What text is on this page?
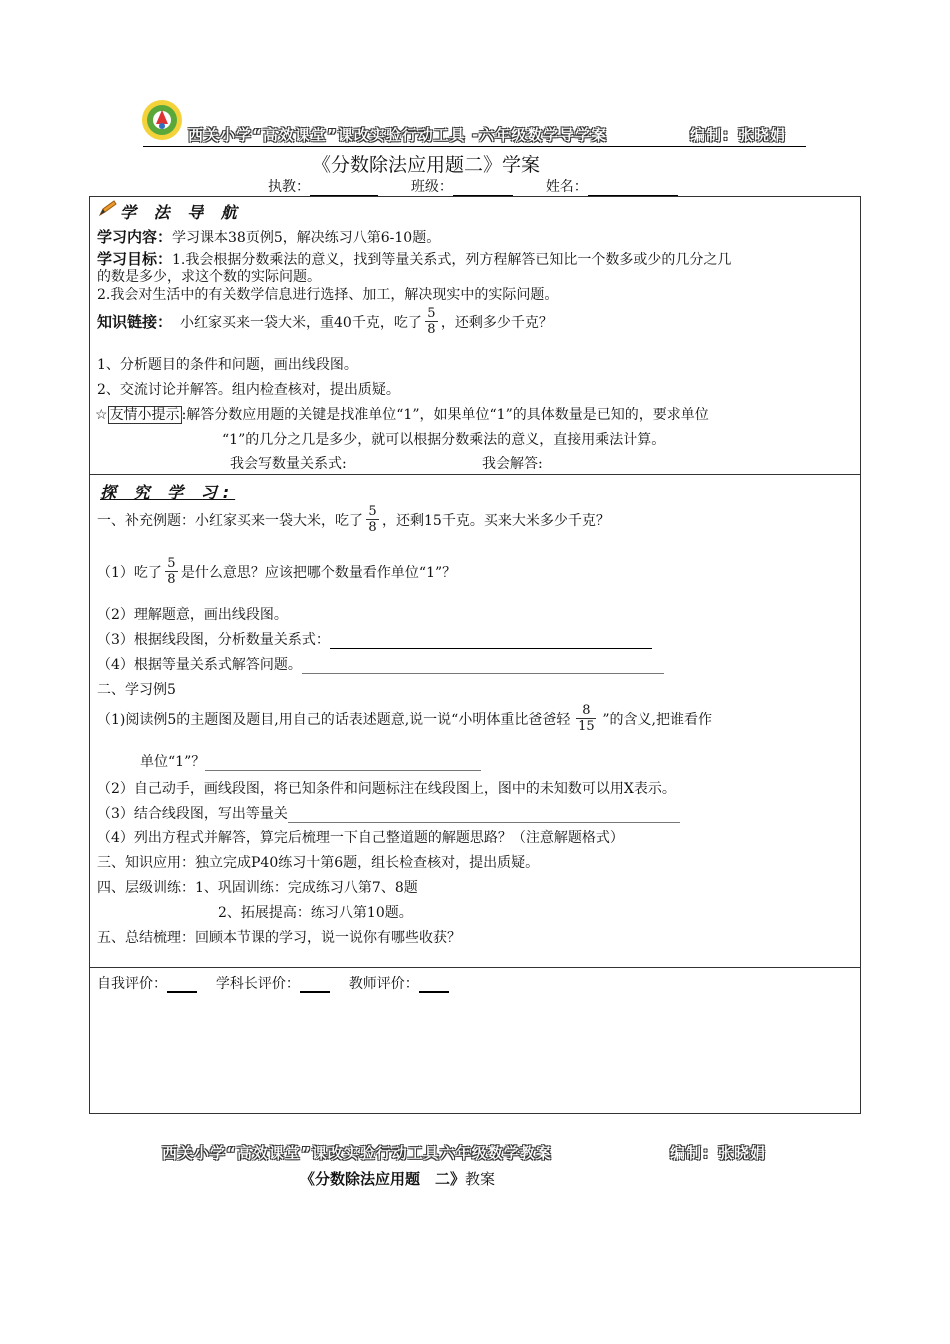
西关小学“高效课堂”课改实验行动工具 -六年级数学导学案	编制：张晓娟
《分数除法应用题二》学案
执教：	班级：	姓名：
学 法 导 航
学习内容：学习课本38页例5，解决练习八第6-10题。
学习目标：1.我会根据分数乘法的意义，找到等量关系式，列方程解答已知比一个数多或少的几分之几
的数是多少，求这个数的实际问题。
2.我会对生活中的有关数学信息进行选择、加工，解决现实中的实际问题。
知识链接： 小红家买来一袋大米，重40千克，吃了 $\frac{5}{8}$ ，还剩多少千克？
1、分析题目的条件和问题，画出线段图。
2、交流讨论并解答。组内检查核对，提出质疑。
☆ 友情小提示 :解答分数应用题的关键是找准单位“1”，如果单位“1”的具体数量是已知的，要求单位
“1”的几分之几是多少，就可以根据分数乘法的意义，直接用乘法计算。
我会写数量关系式:	我会解答:
探 究 学 习:
一、补充例题：小红家买来一袋大米，吃了 $\frac{5}{8}$ ，还剩15千克。买来大米多少千克？
（1）吃了 $\frac{5}{8}$ 是什么意思？应该把哪个数量看作单位“1”？
（2）理解题意，画出线段图。
（3）根据线段图，分析数量关系式：
（4）根据等量关系式解答问题。
二、学习例5
（1)阅读例5的主题图及题目,用自己的话表述题意,说一说“小明体重比爸爸轻 $\frac{8}{15}$ ”的含义,把谁看作
单位“1”？
（2）自己动手，画线段图，将已知条件和问题标注在线段图上，图中的未知数可以用X表示。
（3）结合线段图，写出等量关
（4）列出方程式并解答，算完后梳理一下自己整道题的解题思路？（注意解题格式）
三、知识应用：独立完成P40练习十第6题，组长检查核对，提出质疑。
四、层级训练：1、巩固训练：完成练习八第7、8题
2、拓展提高：练习八第10题。
五、总结梳理：回顾本节课的学习，说一说你有哪些收获？
自我评价：	学科长评价：	教师评价：
西关小学“高效课堂”课改实验行动工具六年级数学教案	编制：张晓娟
《分数除法应用题　二》教案
